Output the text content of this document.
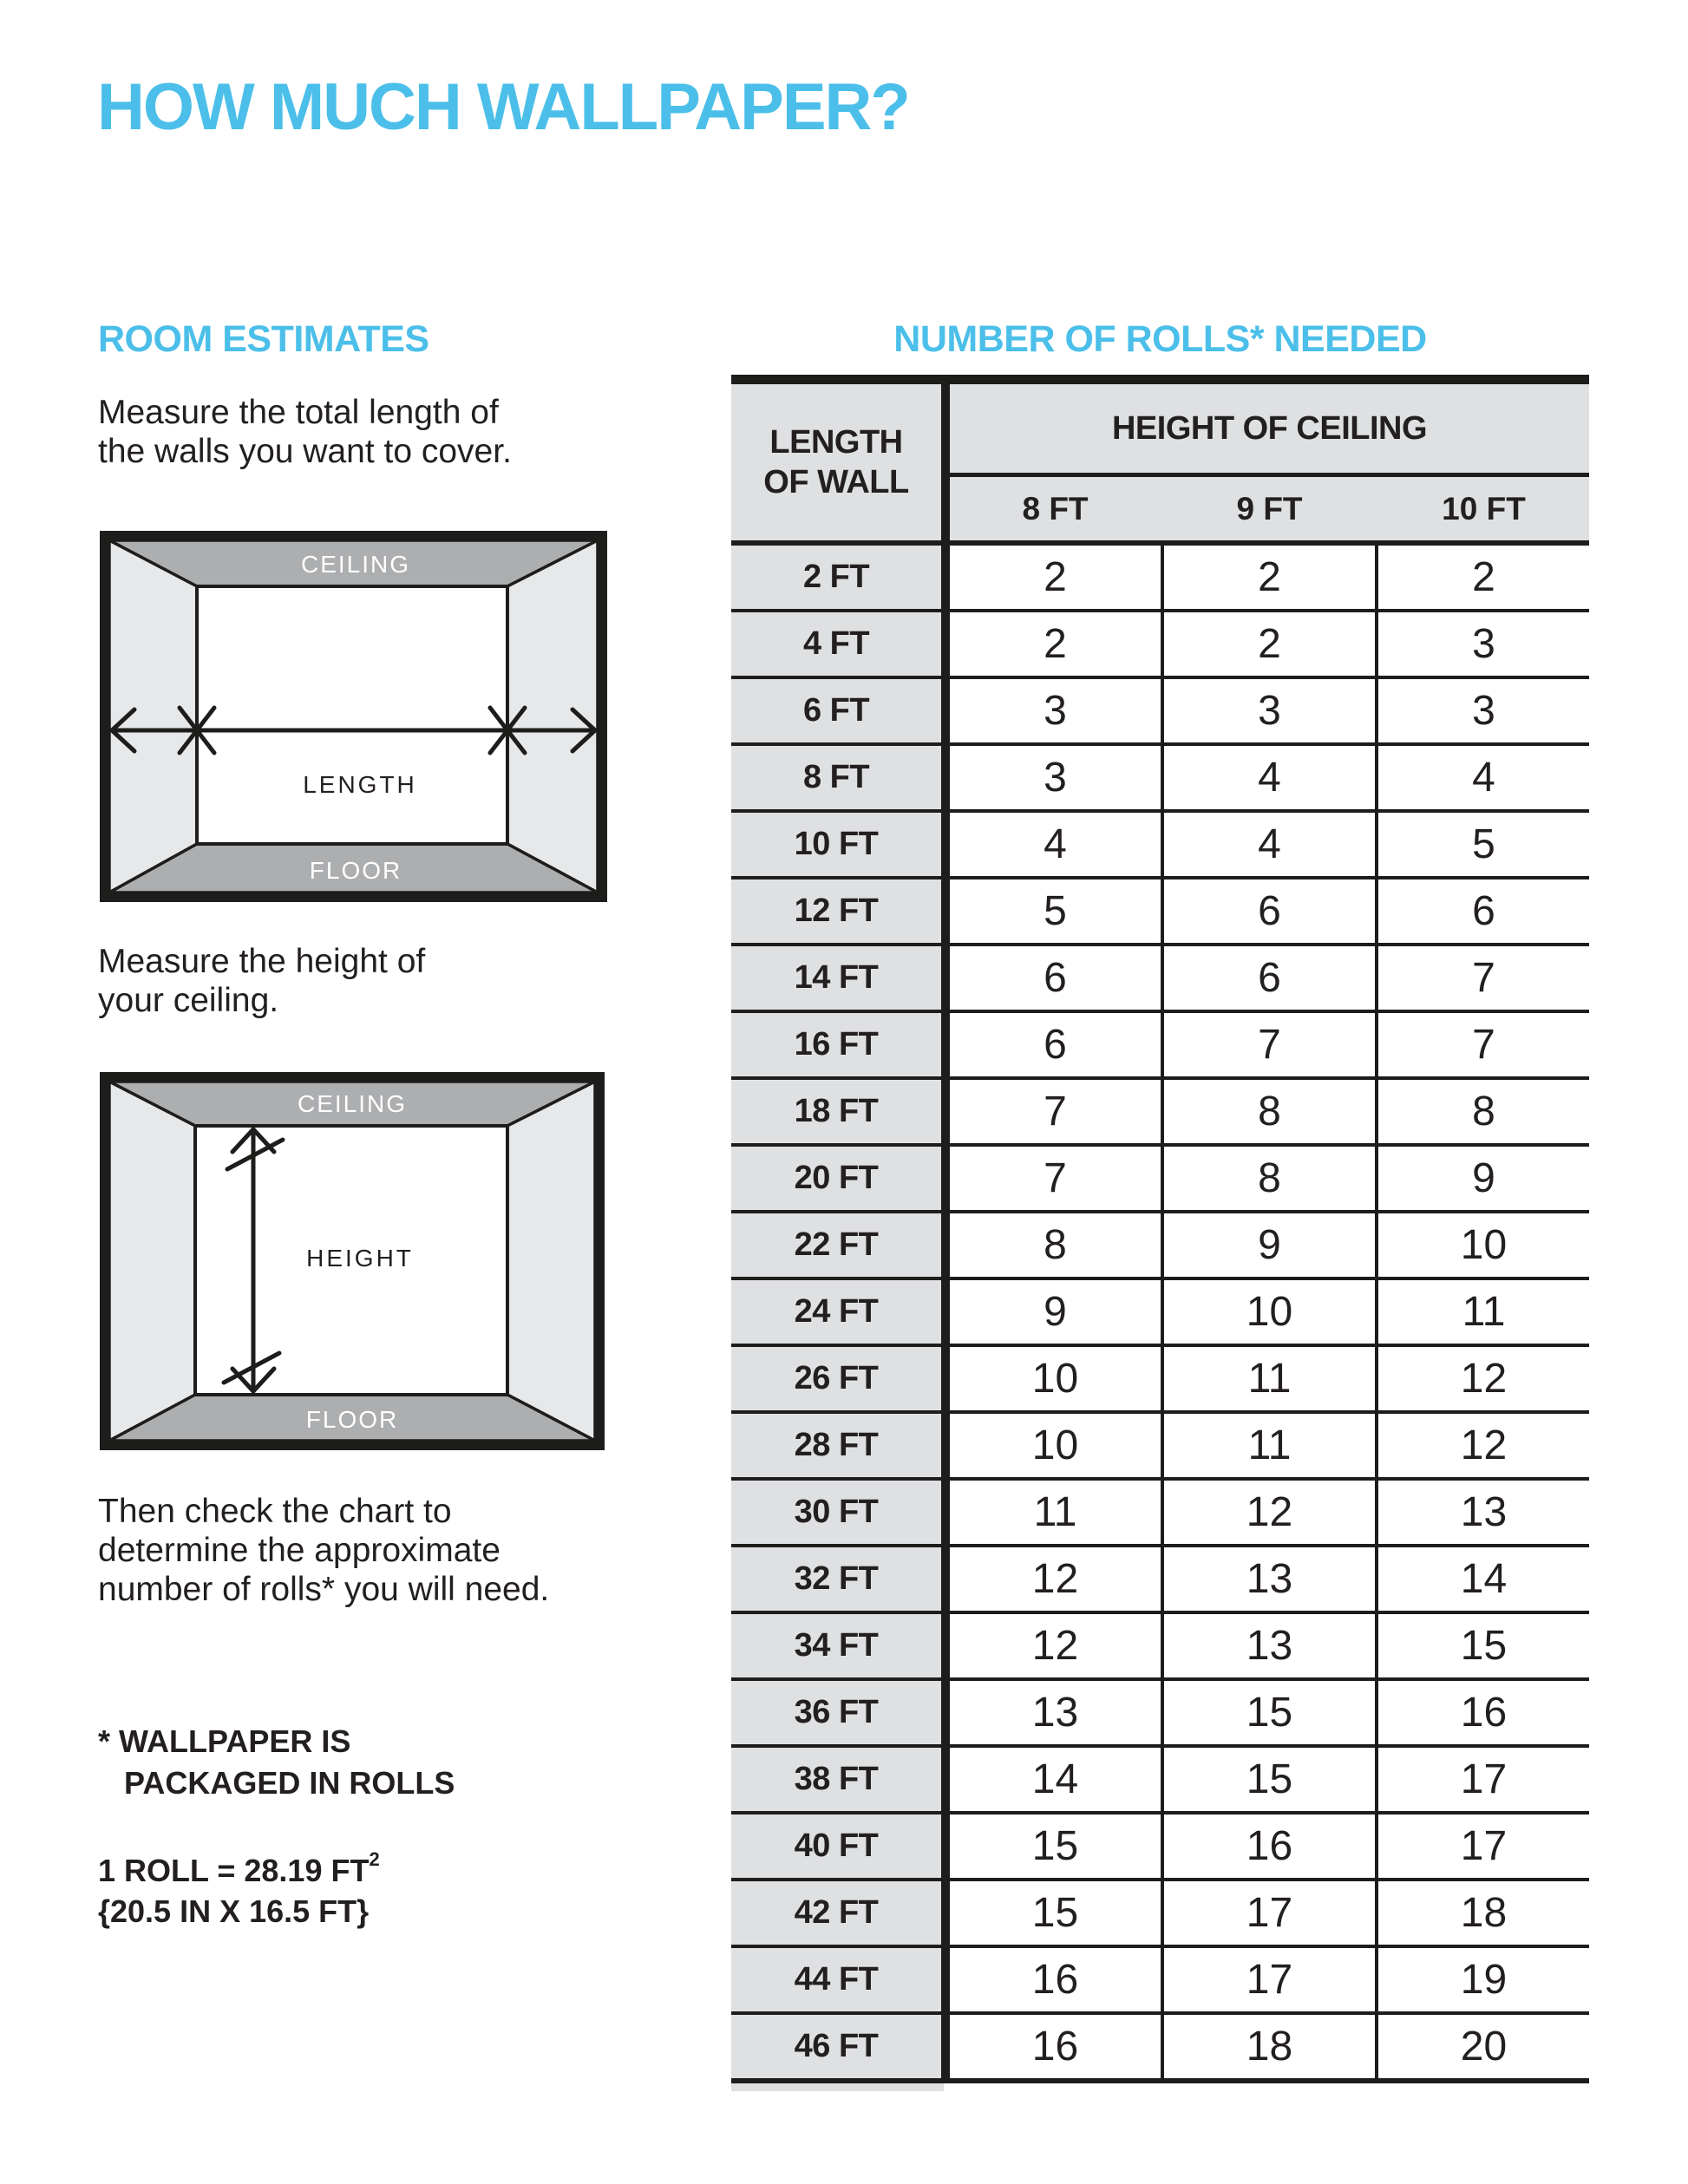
HOW MUCH WALLPAPER?
ROOM ESTIMATES
Measure the total length of
the walls you want to cover.
CEILING
FLOOR
LENGTH
Measure the height of
your ceiling.
CEILING
FLOOR
HEIGHT
Then check the chart to
determine the approximate
number of rolls* you will need.
* WALLPAPER IS
PACKAGED IN ROLLS
1 ROLL = 28.19 $FT^2$
{20.5 IN X 16.5 FT}
NUMBER OF ROLLS* NEEDED
LENGTH
OF WALL
HEIGHT OF CEILING
8 FT	9 FT	10 FT
2 FT	2	2	2
4 FT	2	2	3
6 FT	3	3	3
8 FT	3	4	4
10 FT	4	4	5
12 FT	5	6	6
14 FT	6	6	7
16 FT	6	7	7
18 FT	7	8	8
20 FT	7	8	9
22 FT	8	9	10
24 FT	9	10	11
26 FT	10	11	12
28 FT	10	11	12
30 FT	11	12	13
32 FT	12	13	14
34 FT	12	13	15
36 FT	13	15	16
38 FT	14	15	17
40 FT	15	16	17
42 FT	15	17	18
44 FT	16	17	19
46 FT	16	18	20
